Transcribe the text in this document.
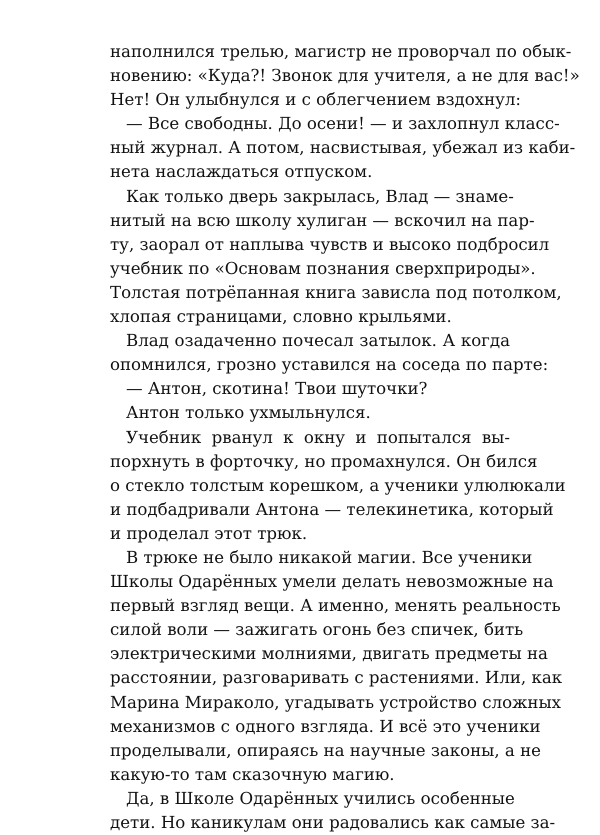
наполнился трелью, магистр не проворчал по обык-
новению: «Куда?! Звонок для учителя, а не для вас!»
Нет! Он улыбнулся и с облегчением вздохнул:
— Все свободны. До осени! — и захлопнул класс-
ный журнал. А потом, насвистывая, убежал из каби-
нета наслаждаться отпуском.
Как только дверь закрылась, Влад — знаме-
нитый на всю школу хулиган — вскочил на пар-
ту, заорал от наплыва чувств и высоко подбросил
учебник по «Основам познания сверхприроды».
Толстая потрёпанная книга зависла под потолком,
хлопая страницами, словно крыльями.
Влад озадаченно почесал затылок. А когда
опомнился, грозно уставился на соседа по парте:
— Антон, скотина! Твои шуточки?
Антон только ухмыльнулся.
Учебник рванул к окну и попытался вы-
порхнуть в форточку, но промахнулся. Он бился
о стекло толстым корешком, а ученики улюлюкали
и подбадривали Антона — телекинетика, который
и проделал этот трюк.
В трюке не было никакой магии. Все ученики
Школы Одарённых умели делать невозможные на
первый взгляд вещи. А именно, менять реальность
силой воли — зажигать огонь без спичек, бить
электрическими молниями, двигать предметы на
расстоянии, разговаривать с растениями. Или, как
Марина Мираколо, угадывать устройство сложных
механизмов с одного взгляда. И всё это ученики
проделывали, опираясь на научные законы, а не
какую-то там сказочную магию.
Да, в Школе Одарённых учились особенные
дети. Но каникулам они радовались как самые за-
